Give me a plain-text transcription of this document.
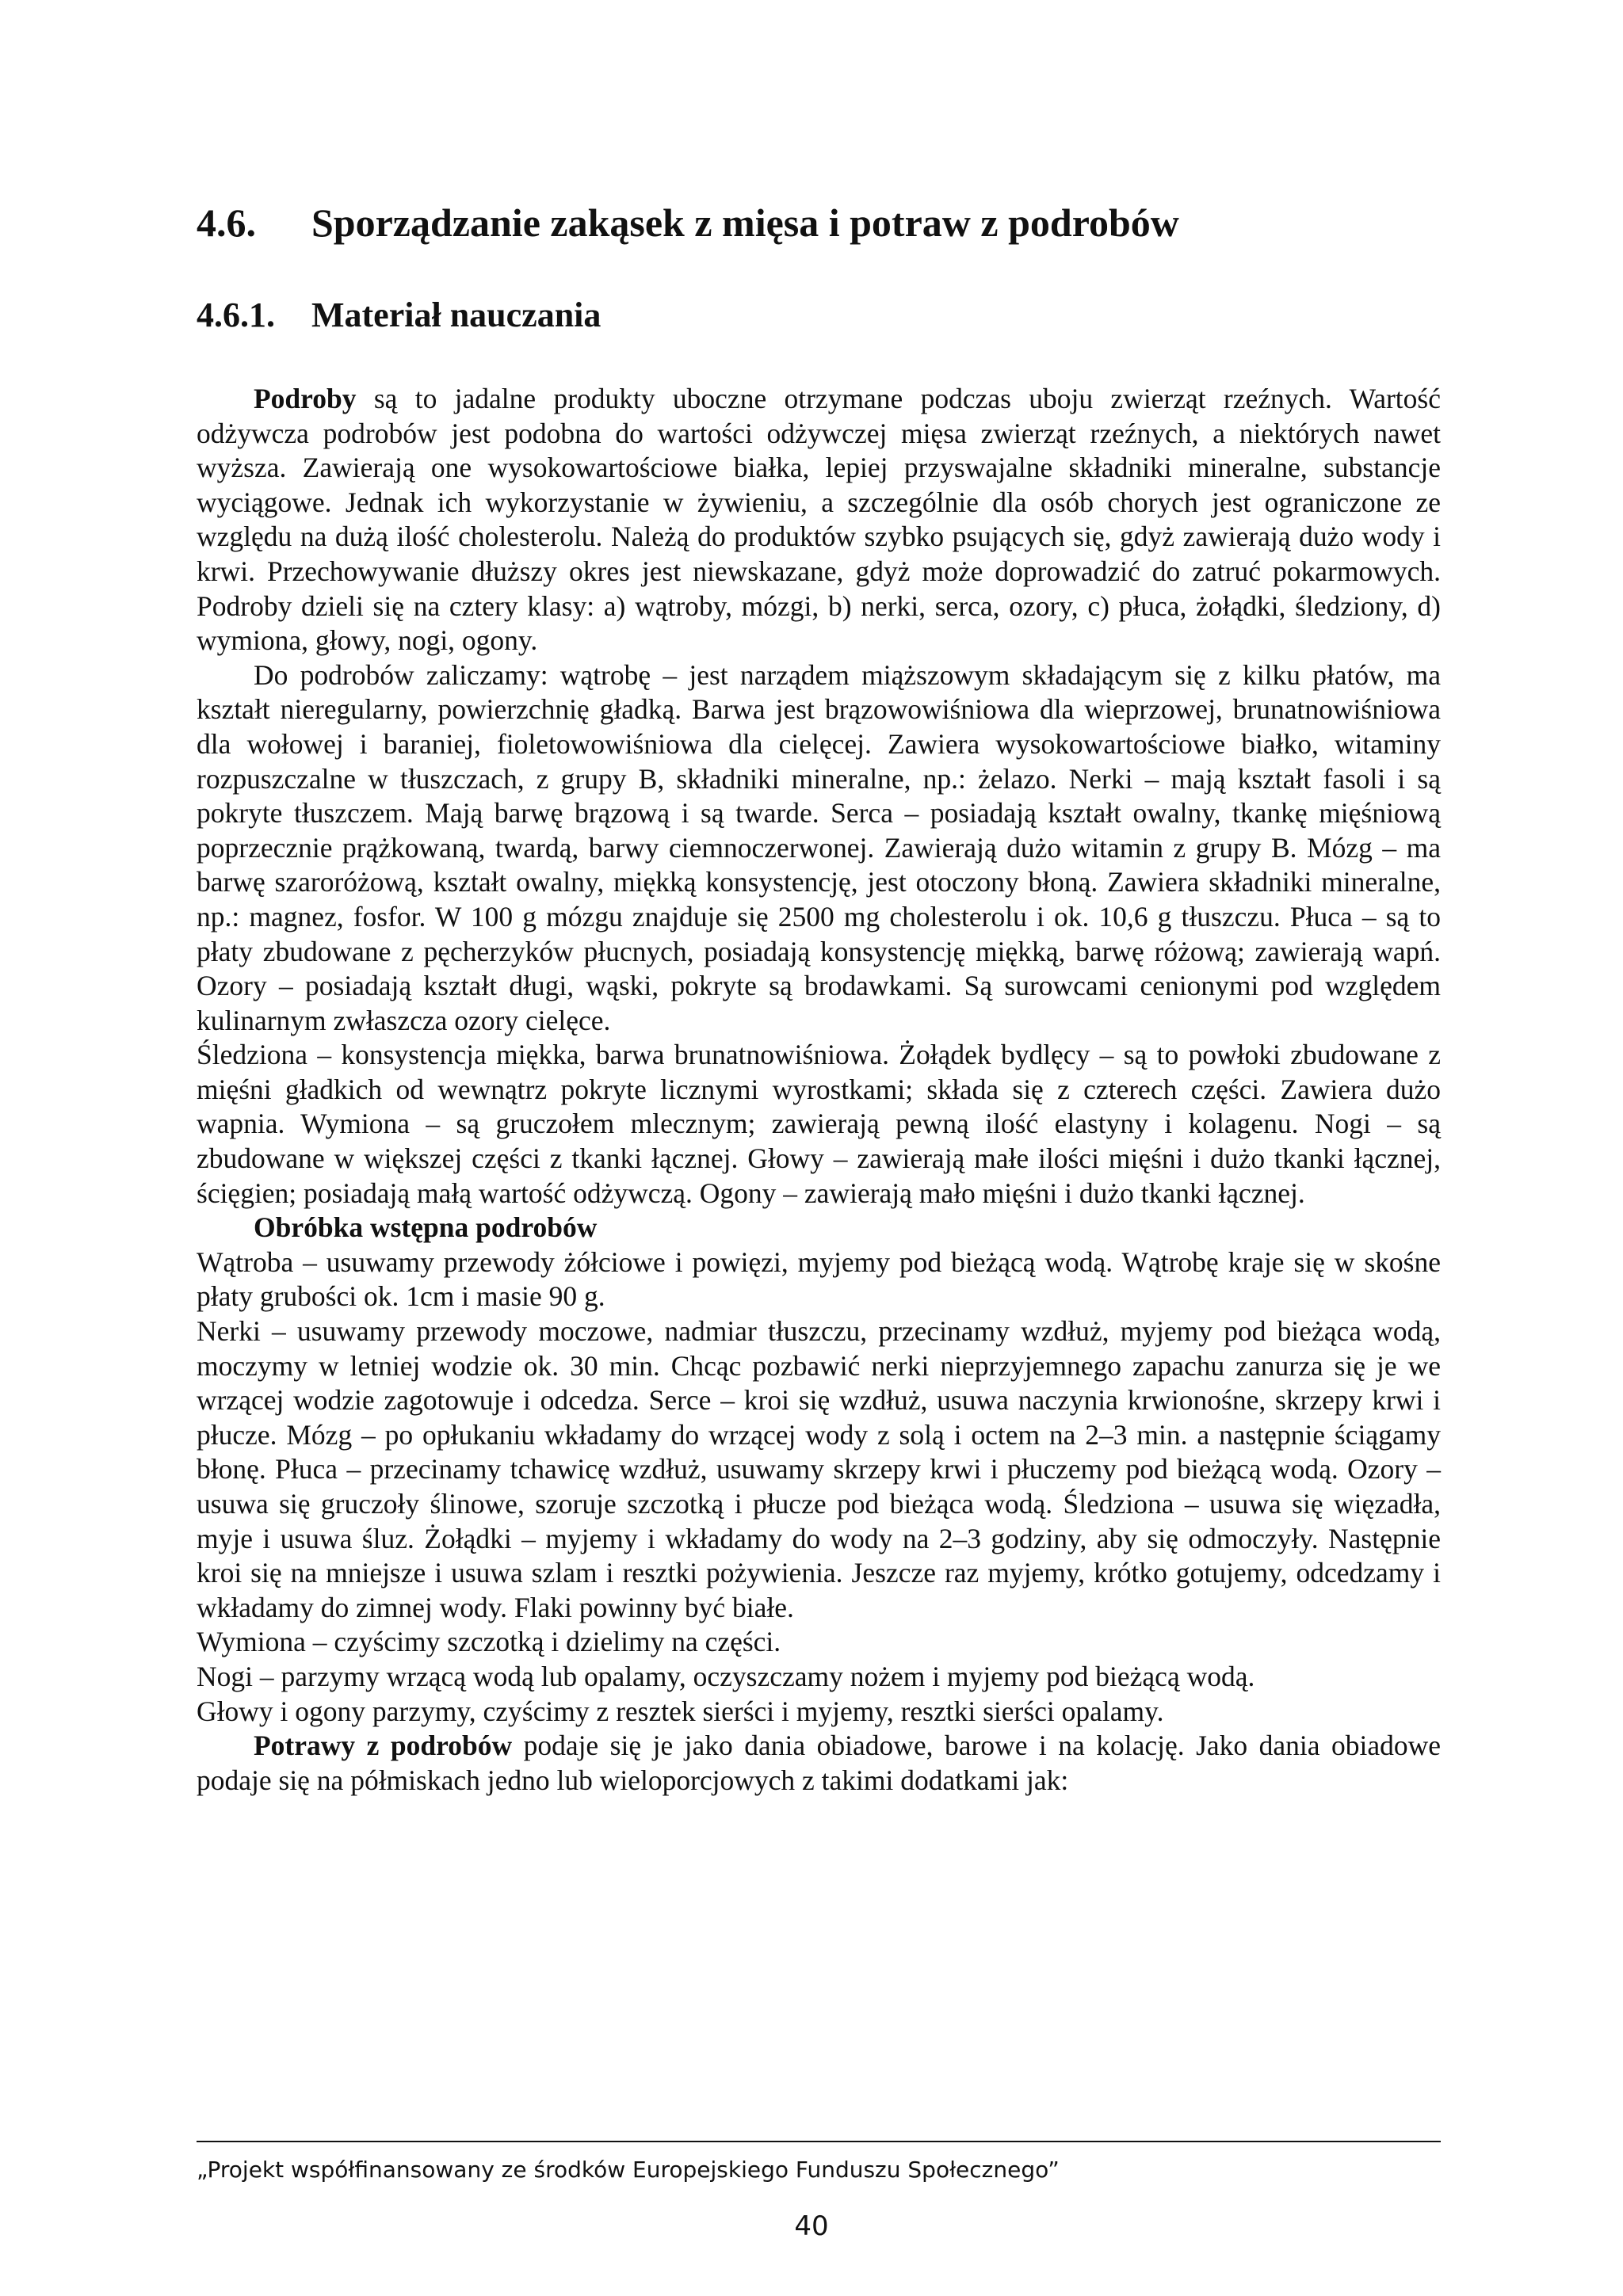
4.6.	Sporządzanie zakąsek z mięsa i potraw z podrobów
4.6.1.	Materiał nauczania

Podroby są to jadalne produkty uboczne otrzymane podczas uboju zwierząt rzeźnych. Wartość odżywcza podrobów jest podobna do wartości odżywczej mięsa zwierząt rzeźnych, a niektórych nawet wyższa. Zawierają one wysokowartościowe białka, lepiej przyswajalne składniki mineralne, substancje wyciągowe. Jednak ich wykorzystanie w żywieniu, a szczególnie dla osób chorych jest ograniczone ze względu na dużą ilość cholesterolu. Należą do produktów szybko psujących się, gdyż zawierają dużo wody i krwi. Przechowywanie dłuższy okres jest niewskazane, gdyż może doprowadzić do zatruć pokarmowych. Podroby dzieli się na cztery klasy: a) wątroby, mózgi, b) nerki, serca, ozory, c) płuca, żołądki, śledziony, d) wymiona, głowy, nogi, ogony.

Do podrobów zaliczamy: wątrobę – jest narządem miąższowym składającym się z kilku płatów, ma kształt nieregularny, powierzchnię gładką. Barwa jest brązowowiśniowa dla wieprzowej, brunatnowiśniowa dla wołowej i baraniej, fioletowowiśniowa dla cielęcej. Zawiera wysokowartościowe białko, witaminy rozpuszczalne w tłuszczach, z grupy B, składniki mineralne, np.: żelazo. Nerki – mają kształt fasoli i są pokryte tłuszczem. Mają barwę brązową i są twarde. Serca – posiadają kształt owalny, tkankę mięśniową poprzecznie prążkowaną, twardą, barwy ciemnoczerwonej. Zawierają dużo witamin z grupy B. Mózg – ma barwę szaroróżową, kształt owalny, miękką konsystencję, jest otoczony błoną. Zawiera składniki mineralne, np.: magnez, fosfor. W 100 g mózgu znajduje się 2500 mg cholesterolu i ok. 10,6 g tłuszczu. Płuca – są to płaty zbudowane z pęcherzyków płucnych, posiadają konsystencję miękką, barwę różową; zawierają wapń. Ozory – posiadają kształt długi, wąski, pokryte są brodawkami. Są surowcami cenionymi pod względem kulinarnym zwłaszcza ozory cielęce.

Śledziona – konsystencja miękka, barwa brunatnowiśniowa. Żołądek bydlęcy – są to powłoki zbudowane z mięśni gładkich od wewnątrz pokryte licznymi wyrostkami; składa się z czterech części. Zawiera dużo wapnia. Wymiona – są gruczołem mlecznym; zawierają pewną ilość elastyny i kolagenu. Nogi – są zbudowane w większej części z tkanki łącznej. Głowy – zawierają małe ilości mięśni i dużo tkanki łącznej, ścięgien; posiadają małą wartość odżywczą. Ogony – zawierają mało mięśni i dużo tkanki łącznej.

Obróbka wstępna podrobów

Wątroba – usuwamy przewody żółciowe i powięzi, myjemy pod bieżącą wodą. Wątrobę kraje się w skośne płaty grubości ok. 1cm i masie 90 g.

Nerki – usuwamy przewody moczowe, nadmiar tłuszczu, przecinamy wzdłuż, myjemy pod bieżąca wodą, moczymy w letniej wodzie ok. 30 min. Chcąc pozbawić nerki nieprzyjemnego zapachu zanurza się je we wrzącej wodzie zagotowuje i odcedza. Serce – kroi się wzdłuż, usuwa naczynia krwionośne, skrzepy krwi i płucze. Mózg – po opłukaniu wkładamy do wrzącej wody z solą i octem na 2–3 min. a następnie ściągamy błonę. Płuca – przecinamy tchawicę wzdłuż, usuwamy skrzepy krwi i płuczemy pod bieżącą wodą. Ozory – usuwa się gruczoły ślinowe, szoruje szczotką i płucze pod bieżąca wodą. Śledziona – usuwa się więzadła, myje i usuwa śluz. Żołądki – myjemy i wkładamy do wody na 2–3 godziny, aby się odmoczyły. Następnie kroi się na mniejsze i usuwa szlam i resztki pożywienia. Jeszcze raz myjemy, krótko gotujemy, odcedzamy i wkładamy do zimnej wody. Flaki powinny być białe.

Wymiona – czyścimy szczotką i dzielimy na części.

Nogi – parzymy wrzącą wodą lub opalamy, oczyszczamy nożem i myjemy pod bieżącą wodą.

Głowy i ogony parzymy, czyścimy z resztek sierści i myjemy, resztki sierści opalamy.

Potrawy z podrobów podaje się je jako dania obiadowe, barowe i na kolację. Jako dania obiadowe podaje się na półmiskach jedno lub wieloporcjowych z takimi dodatkami jak:

„Projekt współfinansowany ze środków Europejskiego Funduszu Społecznego”
40
